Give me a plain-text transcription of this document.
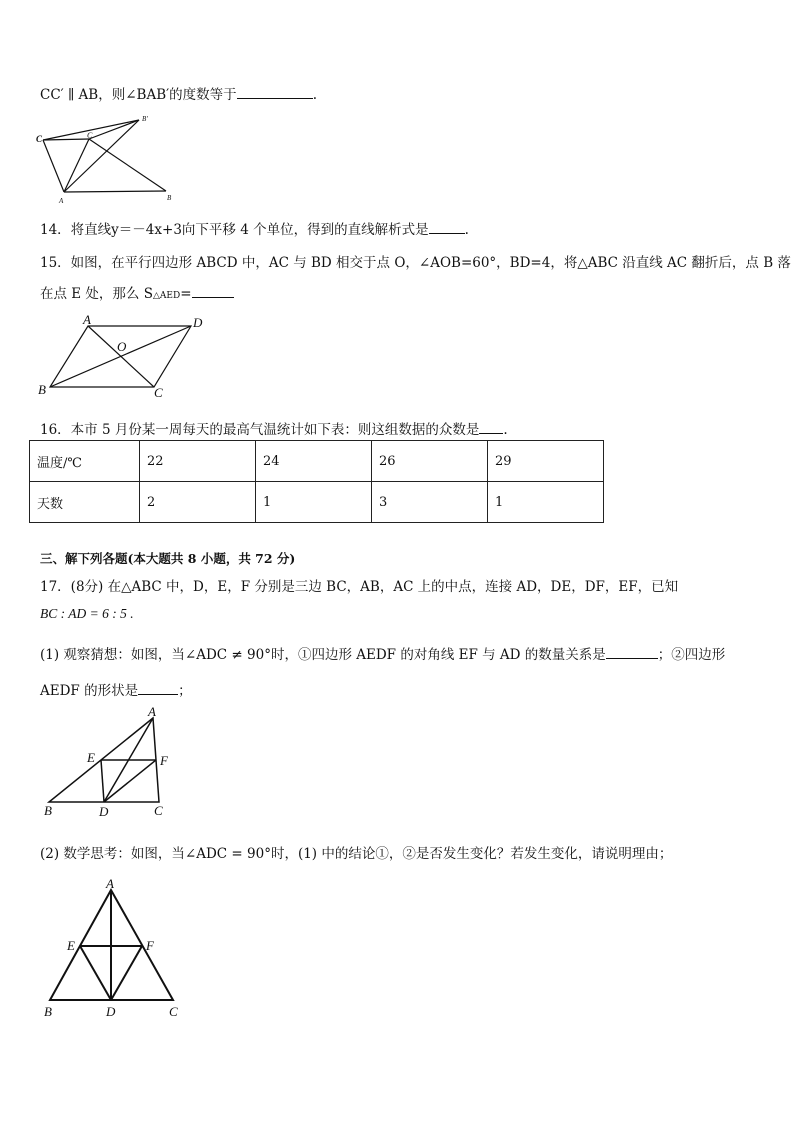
CC′ ∥ AB，则∠BAB′的度数等于	.
C	C
B′
A	B
14．将直线y＝－4x+3向下平移 4 个单位，得到的直线解析式是	.
15．如图，在平行四边形 ABCD 中，AC 与 BD 相交于点 O，∠AOB=60°，BD=4，将△ABC 沿直线 AC 翻折后，点 B 落
在点 E 处，那么 S△AED=
A	D
O
B	C
16．本市 5 月份某一周每天的最高气温统计如下表：则这组数据的众数是 .
温度/℃	22	24	26	29
天数	2	1	3	1
三、解下列各题(本大题共 8 小题，共 72 分)
17．(8分) 在△ABC 中，D，E，F 分别是三边 BC，AB，AC 上的中点，连接 AD，DE，DF，EF，已知
BC : AD = 6 : 5 .
(1) 观察猜想：如图，当∠ADC ≠ 90°时，①四边形 AEDF 的对角线 EF 与 AD 的数量关系是	；②四边形
AEDF 的形状是	；
A
E	F
B	D	C
(2) 数学思考：如图，当∠ADC = 90°时，(1) 中的结论①，②是否发生变化？若发生变化，请说明理由；
A
E	F
B	D	C
